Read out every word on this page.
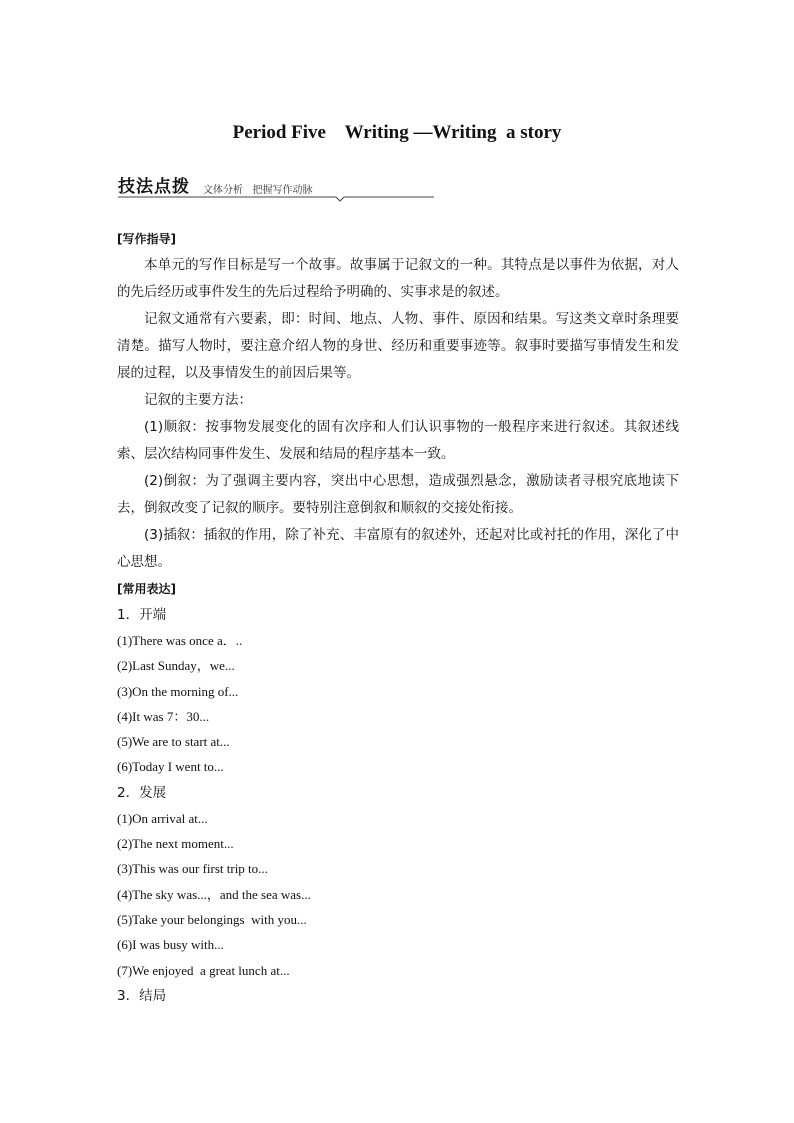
Period Five    Writing —Writing  a story
技法点拨 文体分析   把握写作动脉
[写作指导]

本单元的写作目标是写一个故事。故事属于记叙文的一种。其特点是以事件为依据，对人的先后经历或事件发生的先后过程给予明确的、实事求是的叙述。

记叙文通常有六要素，即：时间、地点、人物、事件、原因和结果。写这类文章时条理要清楚。描写人物时，要注意介绍人物的身世、经历和重要事迹等。叙事时要描写事情发生和发展的过程，以及事情发生的前因后果等。

记叙的主要方法：

(1)顺叙：按事物发展变化的固有次序和人们认识事物的一般程序来进行叙述。其叙述线索、层次结构同事件发生、发展和结局的程序基本一致。

(2)倒叙：为了强调主要内容，突出中心思想，造成强烈悬念，激励读者寻根究底地读下去，倒叙改变了记叙的顺序。要特别注意倒叙和顺叙的交接处衔接。

(3)插叙：插叙的作用，除了补充、丰富原有的叙述外，还起对比或衬托的作用，深化了中心思想。

[常用表达]
1．开端
(1)There was once a．..
(2)Last Sunday，we...
(3)On the morning of...
(4)It was 7：30...
(5)We are to start at...
(6)Today I went to...
2．发展
(1)On arrival at...
(2)The next moment...
(3)This was our first trip to...
(4)The sky was...，and the sea was...
(5)Take your belongings  with you...
(6)I was busy with...
(7)We enjoyed  a great lunch at...
3．结局
